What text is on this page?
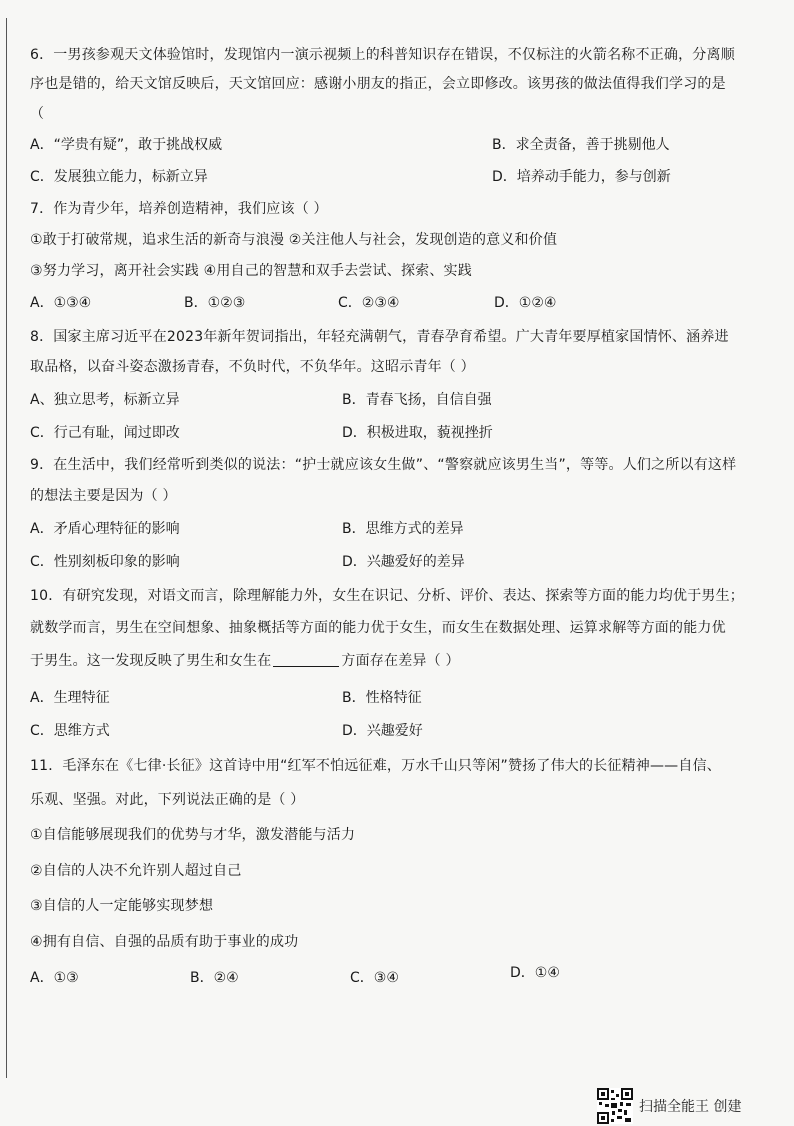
6．一男孩参观天文体验馆时，发现馆内一演示视频上的科普知识存在错误，不仅标注的火箭名称不正确，分离顺
序也是错的，给天文馆反映后，天文馆回应：感谢小朋友的指正，会立即修改。该男孩的做法值得我们学习的是
（
A．“学贵有疑”，敢于挑战权威	B．求全责备，善于挑剔他人
C．发展独立能力，标新立异	D．培养动手能力，参与创新
7．作为青少年，培养创造精神，我们应该（ ）
①敢于打破常规，追求生活的新奇与浪漫 ②关注他人与社会，发现创造的意义和价值
③努力学习，离开社会实践 ④用自己的智慧和双手去尝试、探索、实践
A．①③④	B．①②③	C．②③④	D．①②④
8．国家主席习近平在2023年新年贺词指出，年轻充满朝气，青春孕育希望。广大青年要厚植家国情怀、涵养进
取品格，以奋斗姿态激扬青春，不负时代，不负华年。这昭示青年（ ）
A、独立思考，标新立异	B．青春飞扬，自信自强
C．行己有耻，闻过即改	D．积极进取，藐视挫折
9．在生活中，我们经常听到类似的说法：“护士就应该女生做”、“警察就应该男生当”，等等。人们之所以有这样
的想法主要是因为（ ）
A．矛盾心理特征的影响	B．思维方式的差异
C．性别刻板印象的影响	D．兴趣爱好的差异
10．有研究发现，对语文而言，除理解能力外，女生在识记、分析、评价、表达、探索等方面的能力均优于男生；
就数学而言，男生在空间想象、抽象概括等方面的能力优于女生，而女生在数据处理、运算求解等方面的能力优
于男生。这一发现反映了男生和女生在	方面存在差异（ ）
A．生理特征	B．性格特征
C．思维方式	D．兴趣爱好
11．毛泽东在《七律·长征》这首诗中用“红军不怕远征难，万水千山只等闲”赞扬了伟大的长征精神——自信、
乐观、坚强。对此，下列说法正确的是（ ）
①自信能够展现我们的优势与才华，激发潜能与活力
②自信的人决不允许别人超过自己
③自信的人一定能够实现梦想
④拥有自信、自强的品质有助于事业的成功
A．①③	B．②④	C．③④	D．①④
扫描全能王 创建
